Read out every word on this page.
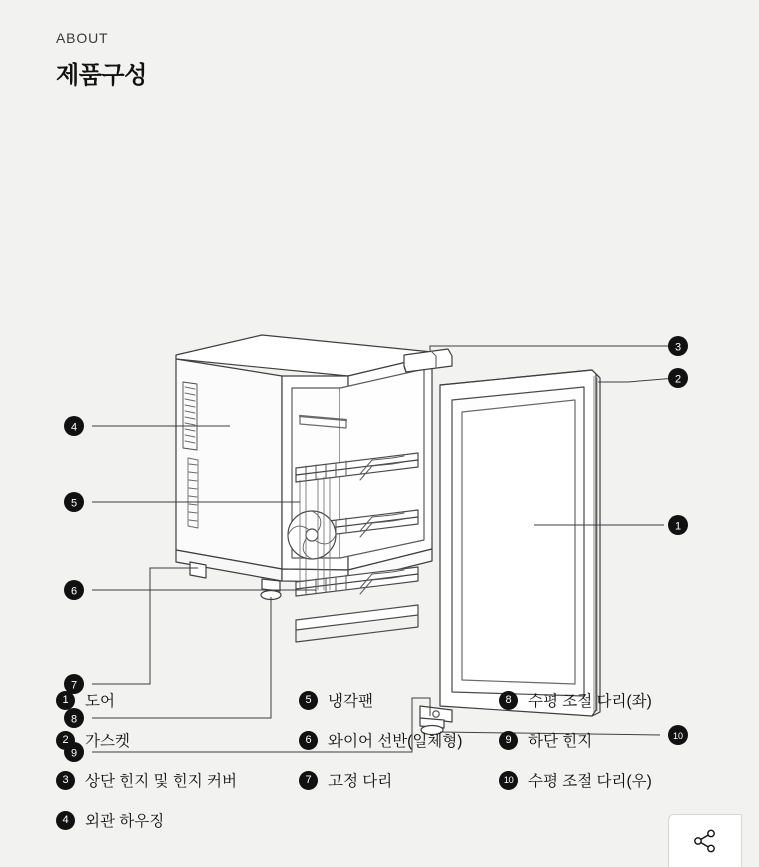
ABOUT
제품구성
4
5
6
7
8
9
3
2
1
10
1	도어
2	가스켓
3	상단 힌지 및 힌지 커버
4	외관 하우징
5	냉각팬
6	와이어 선반(일체형)
7	고정 다리
8	수평 조절 다리(좌)
9	하단 힌지
10 수평 조절 다리(우)
